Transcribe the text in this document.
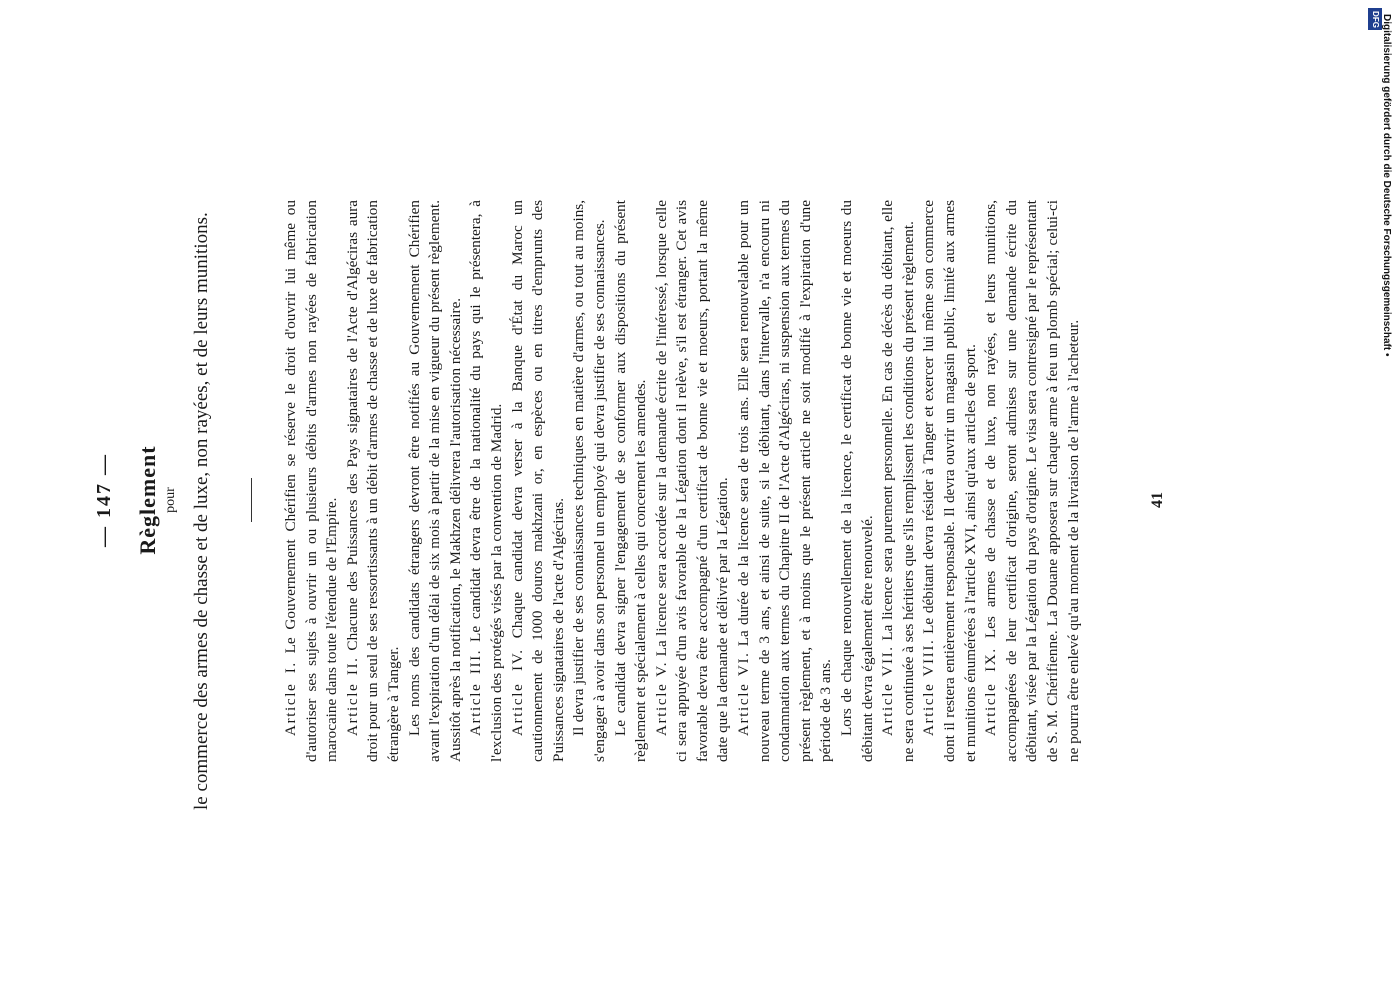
— 147 — Règlement pour le commerce des armes de chasse et de luxe, non rayées, et de leurs munitions.	Article I. Le Gouvernement Chérifien se réserve le droit d'ouvrir lui même ou d'autoriser ses sujets à ouvrir un ou plusieurs débits d'armes non rayées de fabrication marocaine dans toute l'étendue de l'Empire. Article II. Chacune des Puissances des Pays signataires de l'Acte d'Algéciras aura droit pour un seul de ses ressortissants à un débit d'armes de chasse et de luxe de fabrication étrangère à Tanger. Les noms des candidats étrangers devront être notifiés au Gouvernement Chérifien avant l'expiration d'un délai de six mois à partir de la mise en vigueur du présent règlement. Aussitôt après la notification, le Makhzen délivrera l'autorisation nécessaire. Article III. Le candidat devra être de la nationalité du pays qui le présentera, à l'exclusion des protégés visés par la convention de Madrid. Article IV. Chaque candidat devra verser à la Banque d'État du Maroc un cautionnement de 1000 douros makhzani or, en espèces ou en titres d'emprunts des Puissances signataires de l'acte d'Algéciras. Il devra justifier de ses connaissances techniques en matière d'armes, ou tout au moins, s'engager à avoir dans son personnel un employé qui devra justifier de ses connaissances. Le candidat devra signer l'engagement de se conformer aux dispositions du présent règlement et spécialement à celles qui concernent les amendes. Article V. La licence sera accordée sur la demande écrite de l'intéressé, lorsque celle ci sera appuyée d'un avis favorable de la Légation dont il relève, s'il est étranger. Cet avis favorable devra être accompagné d'un certificat de bonne vie et moeurs, portant la même date que la demande et délivré par la Légation. Article VI. La durée de la licence sera de trois ans. Elle sera renouvelable pour un nouveau terme de 3 ans, et ainsi de suite, si le débitant, dans l'intervalle, n'a encouru ni condamnation aux termes du Chapitre II de l'Acte d'Algéciras, ni suspension aux termes du présent règlement, et à moins que le présent article ne soit modifié à l'expiration d'une période de 3 ans. Lors de chaque renouvellement de la licence, le certificat de bonne vie et moeurs du débitant devra également être renouvelé. Article VII. La licence sera purement personnelle. En cas de décès du débitant, elle ne sera continuée à ses héritiers que s'ils remplissent les conditions du présent règlement. Article VIII. Le débitant devra résider à Tanger et exercer lui même son commerce dont il restera entièrement responsable. Il devra ouvrir un magasin public, limité aux armes et munitions énumérées à l'article XVI, ainsi qu'aux articles de sport. Article IX. Les armes de chasse et de luxe, non rayées, et leurs munitions, accompagnées de leur certificat d'origine, seront admises sur une demande écrite du débitant, visée par la Légation du pays d'origine. Le visa sera contresigné par le représentant de S. M. Chérifienne. La Douane apposera sur chaque arme à feu un plomb spécial; celui-ci ne pourra être enlevé qu'au moment de la livraison de l'arme à l'acheteur.	41
DFG Digitalisierung gefördert durch die Deutsche Forschungsgemeinschaft •
